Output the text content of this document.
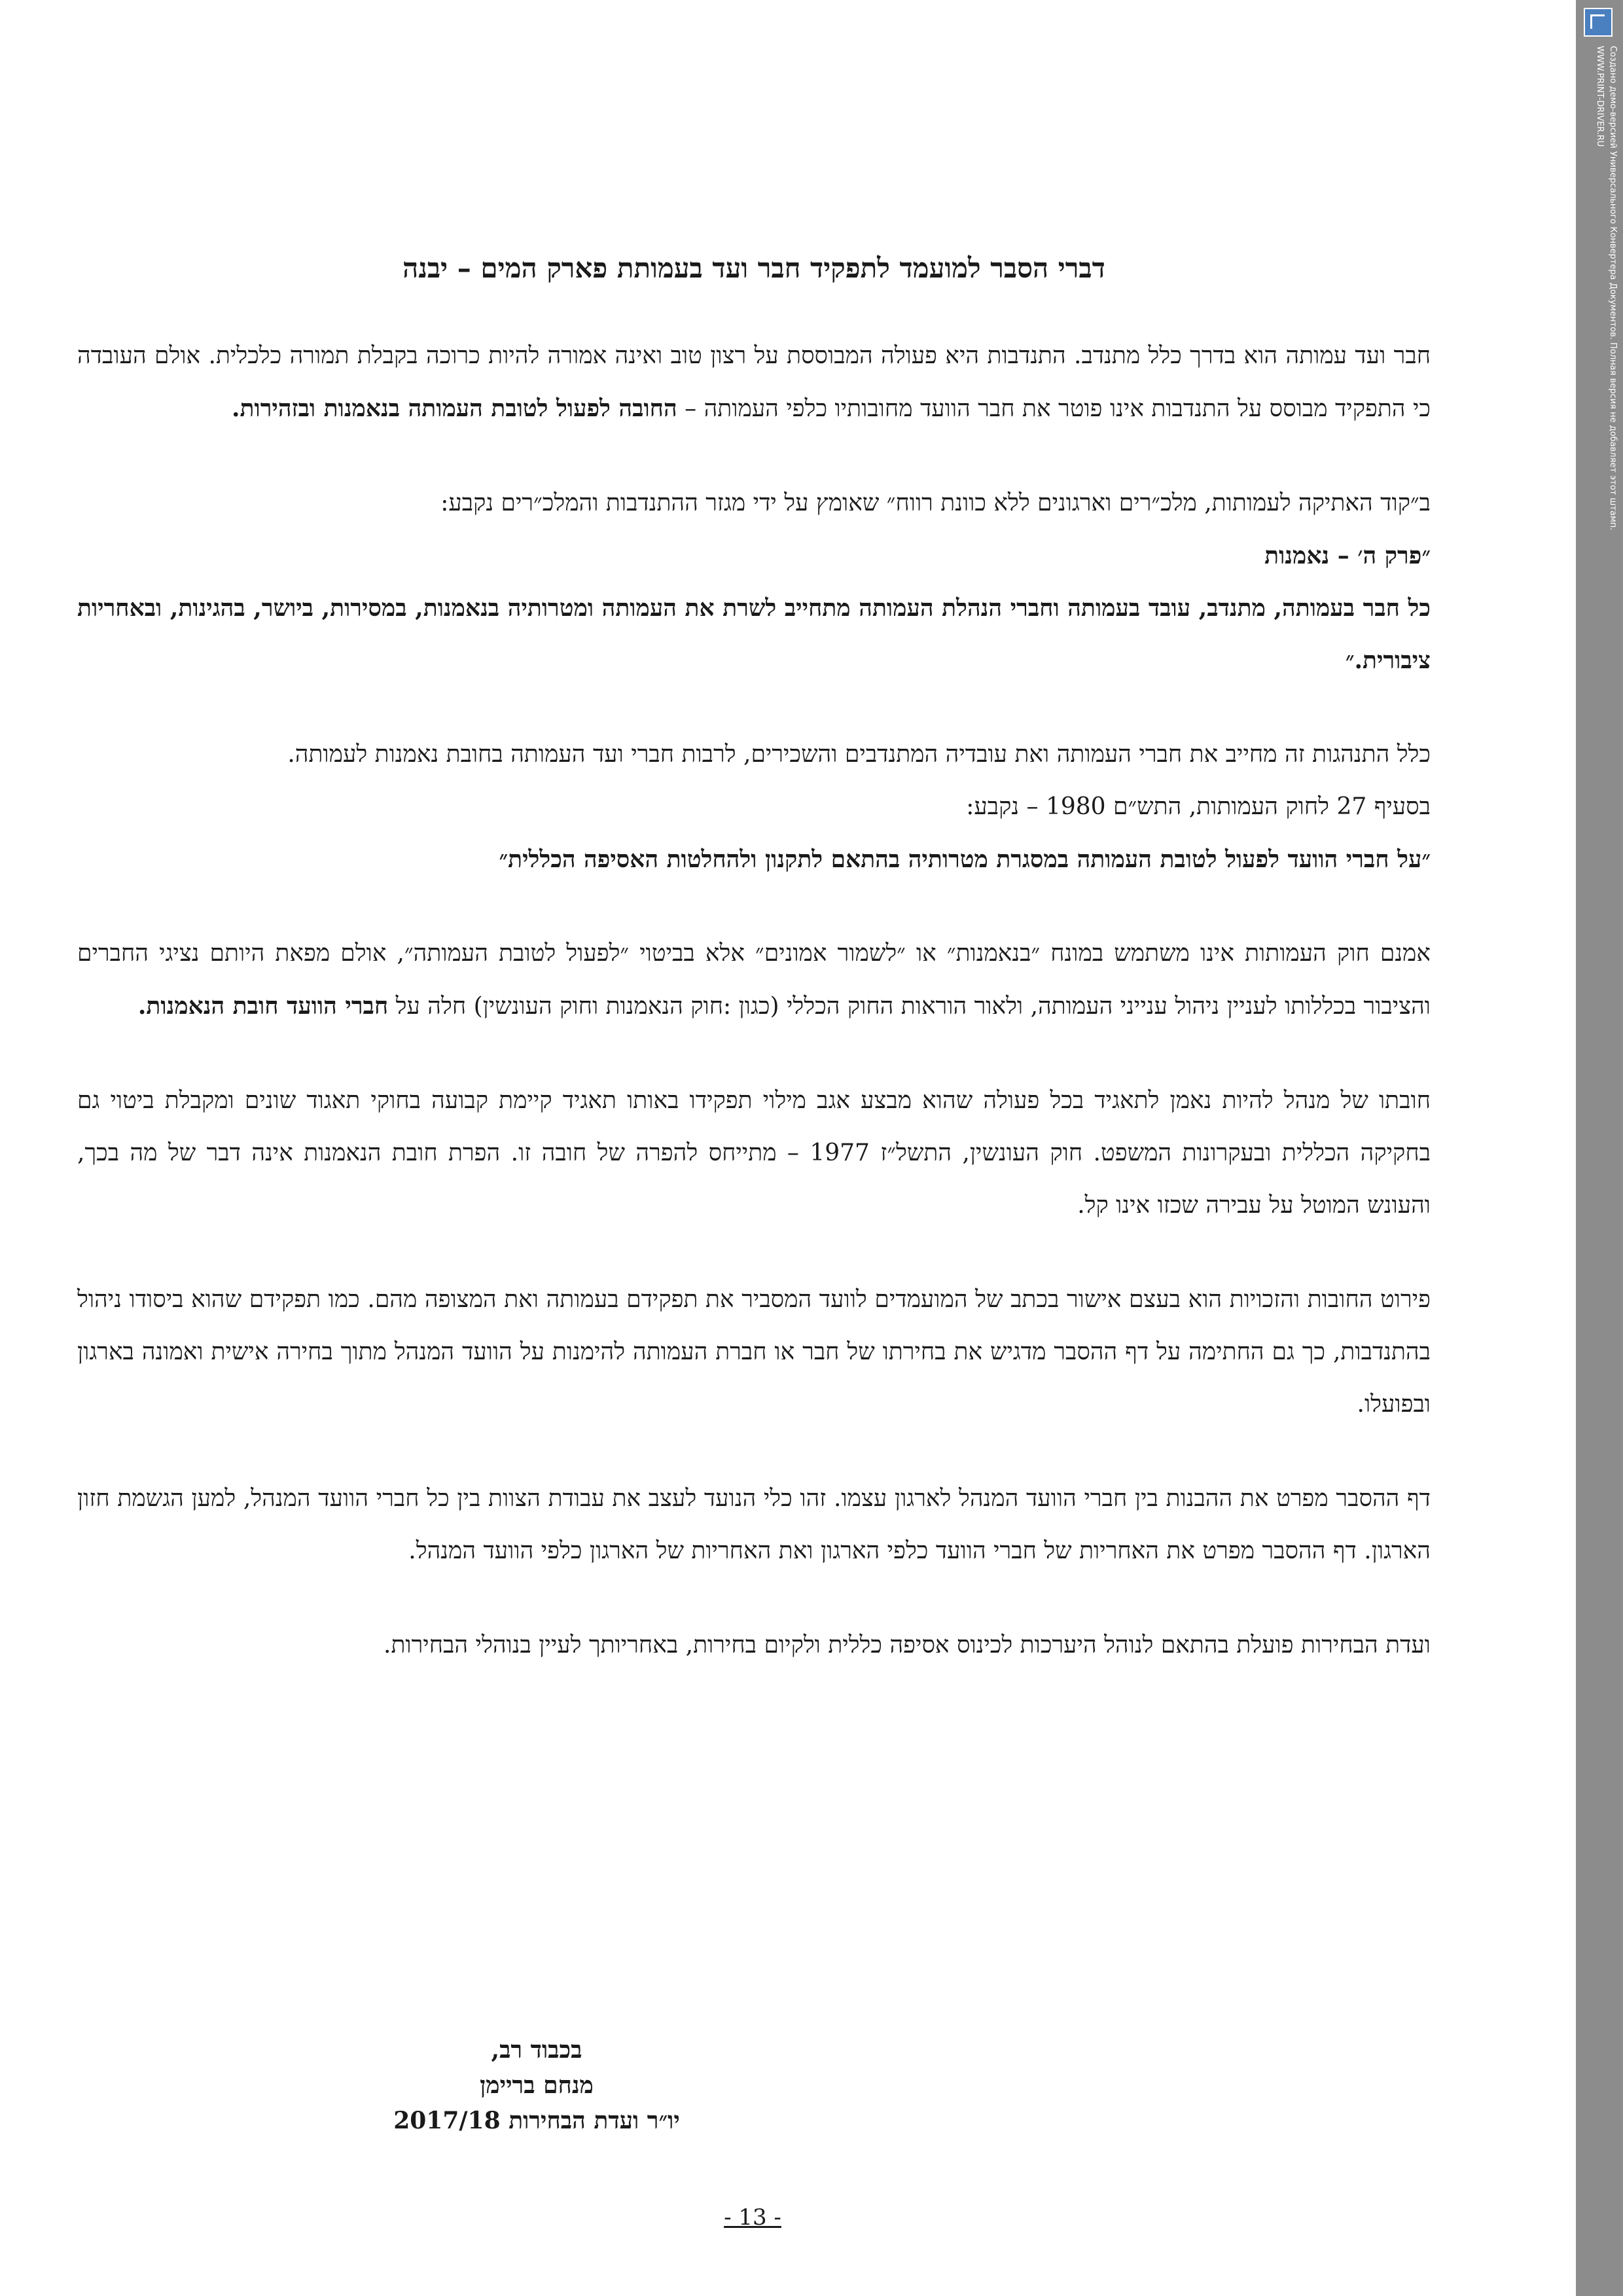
דברי הסבר למועמד לתפקיד חבר ועד בעמותת פארק המים – יבנה

חבר ועד עמותה הוא בדרך כלל מתנדב. התנדבות היא פעולה המבוססת על רצון טוב ואינה אמורה להיות כרוכה בקבלת תמורה כלכלית. אולם העובדה כי התפקיד מבוסס על התנדבות אינו פוטר את חבר הוועד מחובותיו כלפי העמותה – החובה לפעול לטובת העמותה בנאמנות ובזהירות.

ב״קוד האתיקה לעמותות, מלכ״רים וארגונים ללא כוונת רווח״ שאומץ על ידי מגזר ההתנדבות והמלכ״רים נקבע:

״פרק ה׳ – נאמנות

כל חבר בעמותה, מתנדב, עובד בעמותה וחברי הנהלת העמותה מתחייב לשרת את העמותה ומטרותיה בנאמנות, במסירות, ביושר, בהגינות, ובאחריות ציבורית.״

כלל התנהגות זה מחייב את חברי העמותה ואת עובדיה המתנדבים והשכירים, לרבות חברי ועד העמותה בחובת נאמנות לעמותה.

בסעיף 27 לחוק העמותות, התש״ם 1980 – נקבע:

״על חברי הוועד לפעול לטובת העמותה במסגרת מטרותיה בהתאם לתקנון ולהחלטות האסיפה הכללית״

אמנם חוק העמותות אינו משתמש במונח ״בנאמנות״ או ״לשמור אמונים״ אלא בביטוי ״לפעול לטובת העמותה״, אולם מפאת היותם נציגי החברים והציבור בכללותו לעניין ניהול ענייני העמותה, ולאור הוראות החוק הכללי (כגון :חוק הנאמנות וחוק העונשין) חלה על חברי הוועד חובת הנאמנות.

חובתו של מנהל להיות נאמן לתאגיד בכל פעולה שהוא מבצע אגב מילוי תפקידו באותו תאגיד קיימת קבועה בחוקי תאגוד שונים ומקבלת ביטוי גם בחקיקה הכללית ובעקרונות המשפט. חוק העונשין, התשל״ז 1977 – מתייחס להפרה של חובה זו. הפרת חובת הנאמנות אינה דבר של מה בכך, והעונש המוטל על עבירה שכזו אינו קל.

פירוט החובות והזכויות הוא בעצם אישור בכתב של המועמדים לוועד המסביר את תפקידם בעמותה ואת המצופה מהם. כמו תפקידם שהוא ביסודו ניהול בהתנדבות, כך גם החתימה על דף ההסבר מדגיש את בחירתו של חבר או חברת העמותה להימנות על הוועד המנהל מתוך בחירה אישית ואמונה בארגון ובפועלו.

דף ההסבר מפרט את ההבנות בין חברי הוועד המנהל לארגון עצמו. זהו כלי הנועד לעצב את עבודת הצוות בין כל חברי הוועד המנהל, למען הגשמת חזון הארגון. דף ההסבר מפרט את האחריות של חברי הוועד כלפי הארגון ואת האחריות של הארגון כלפי הוועד המנהל.

ועדת הבחירות פועלת בהתאם לנוהל היערכות לכינוס אסיפה כללית ולקיום בחירות, באחריותך לעיין בנוהלי הבחירות.

בכבוד רב,
מנחם בריימן
יו״ר ועדת הבחירות 2017/18
- 13 -
Создано демо-версией Универсального Конвертера Документов. Полная версия не добавляет этот штамп.
WWW.PRINT-DRIVER.RU
